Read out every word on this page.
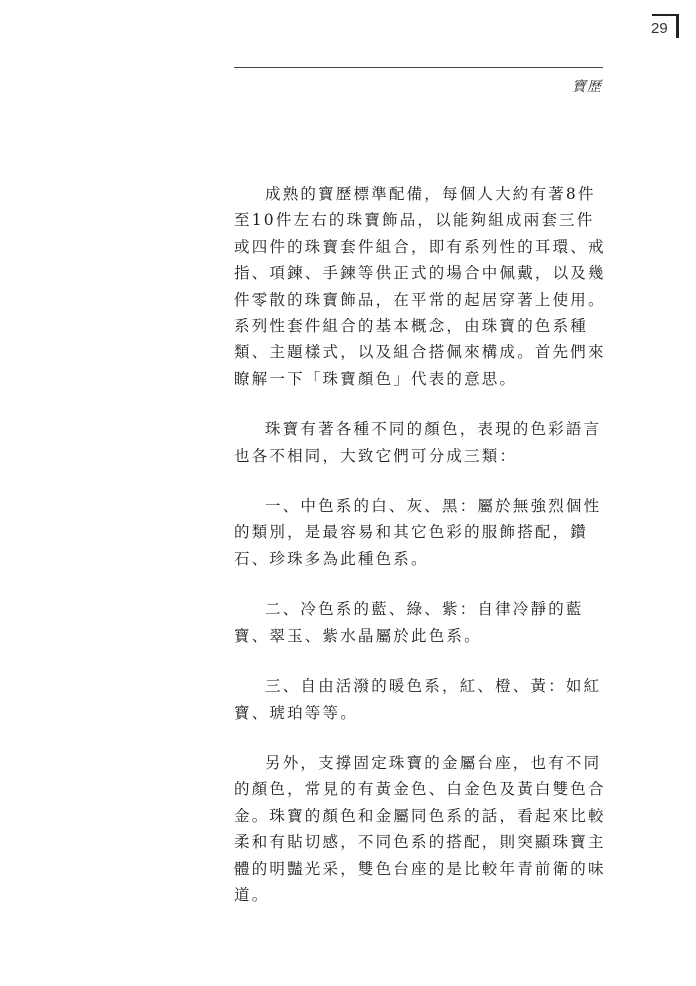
29
寶歷

成熟的寶歷標準配備，每個人大約有著8件至10件左右的珠寶飾品，以能夠組成兩套三件或四件的珠寶套件組合，即有系列性的耳環、戒指、項鍊、手鍊等供正式的場合中佩戴，以及幾件零散的珠寶飾品，在平常的起居穿著上使用。系列性套件組合的基本概念，由珠寶的色系種類、主題樣式，以及組合搭佩來構成。首先們來瞭解一下「珠寶顏色」代表的意思。

珠寶有著各種不同的顏色，表現的色彩語言也各不相同，大致它們可分成三類：

一、中色系的白、灰、黑：屬於無強烈個性的類別，是最容易和其它色彩的服飾搭配，鑽石、珍珠多為此種色系。

二、冷色系的藍、綠、紫：自律冷靜的藍寶、翠玉、紫水晶屬於此色系。

三、自由活潑的暖色系，紅、橙、黃：如紅寶、琥珀等等。

另外，支撐固定珠寶的金屬台座，也有不同的顏色，常見的有黃金色、白金色及黃白雙色合金。珠寶的顏色和金屬同色系的話，看起來比較柔和有貼切感，不同色系的搭配，則突顯珠寶主體的明豔光采，雙色台座的是比較年青前衛的味道。
